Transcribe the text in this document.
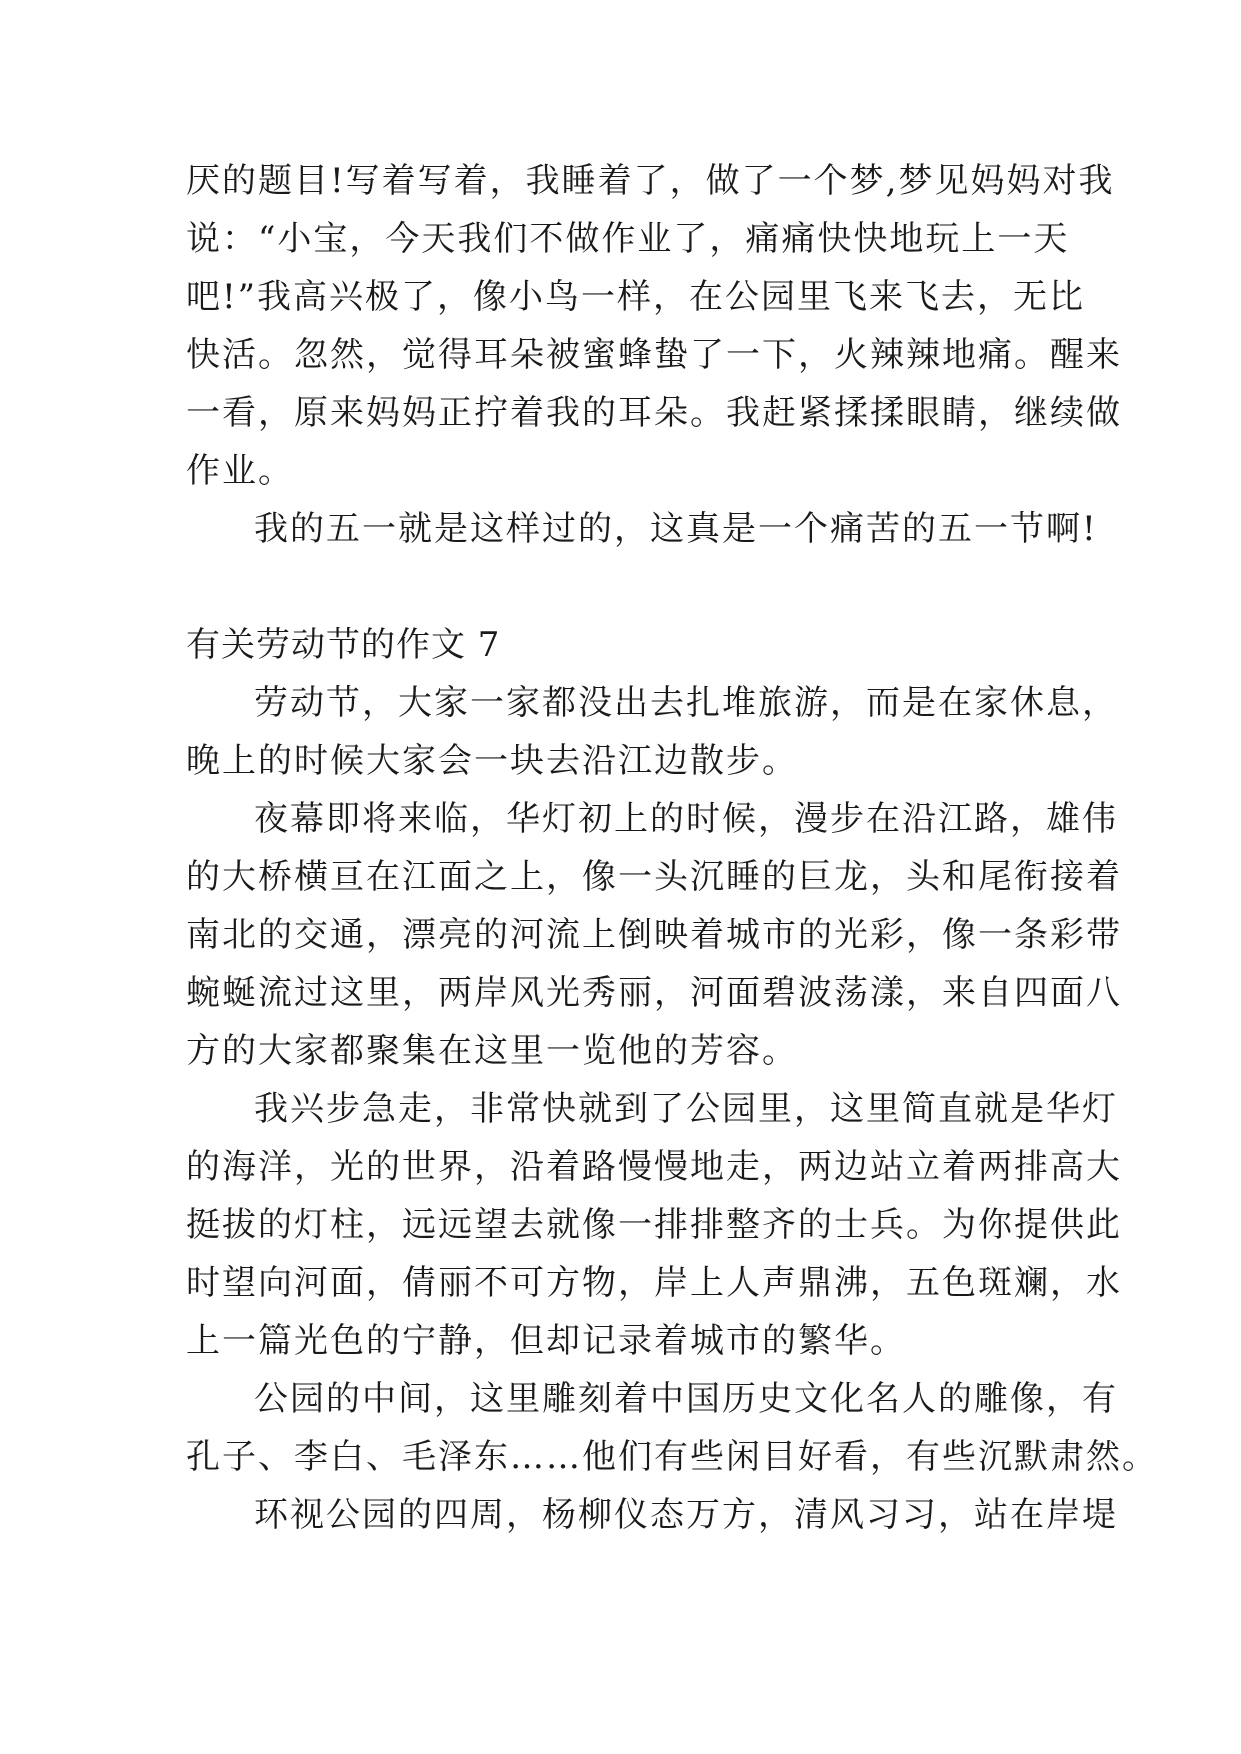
厌的题目!写着写着，我睡着了，做了一个梦,梦见妈妈对我
说：“小宝，今天我们不做作业了，痛痛快快地玩上一天
吧!”我高兴极了，像小鸟一样，在公园里飞来飞去，无比
快活。忽然，觉得耳朵被蜜蜂蛰了一下，火辣辣地痛。醒来
一看，原来妈妈正拧着我的耳朵。我赶紧揉揉眼睛，继续做
作业。
我的五一就是这样过的，这真是一个痛苦的五一节啊!
有关劳动节的作文 7
劳动节，大家一家都没出去扎堆旅游，而是在家休息，
晚上的时候大家会一块去沿江边散步。
夜幕即将来临，华灯初上的时候，漫步在沿江路，雄伟
的大桥横亘在江面之上，像一头沉睡的巨龙，头和尾衔接着
南北的交通，漂亮的河流上倒映着城市的光彩，像一条彩带
蜿蜒流过这里，两岸风光秀丽，河面碧波荡漾，来自四面八
方的大家都聚集在这里一览他的芳容。
我兴步急走，非常快就到了公园里，这里简直就是华灯
的海洋，光的世界，沿着路慢慢地走，两边站立着两排高大
挺拔的灯柱，远远望去就像一排排整齐的士兵。为你提供此
时望向河面，倩丽不可方物，岸上人声鼎沸，五色斑斓，水
上一篇光色的宁静，但却记录着城市的繁华。
公园的中间，这里雕刻着中国历史文化名人的雕像，有
孔子、李白、毛泽东……他们有些闲目好看，有些沉默肃然。
环视公园的四周，杨柳仪态万方，清风习习，站在岸堤
